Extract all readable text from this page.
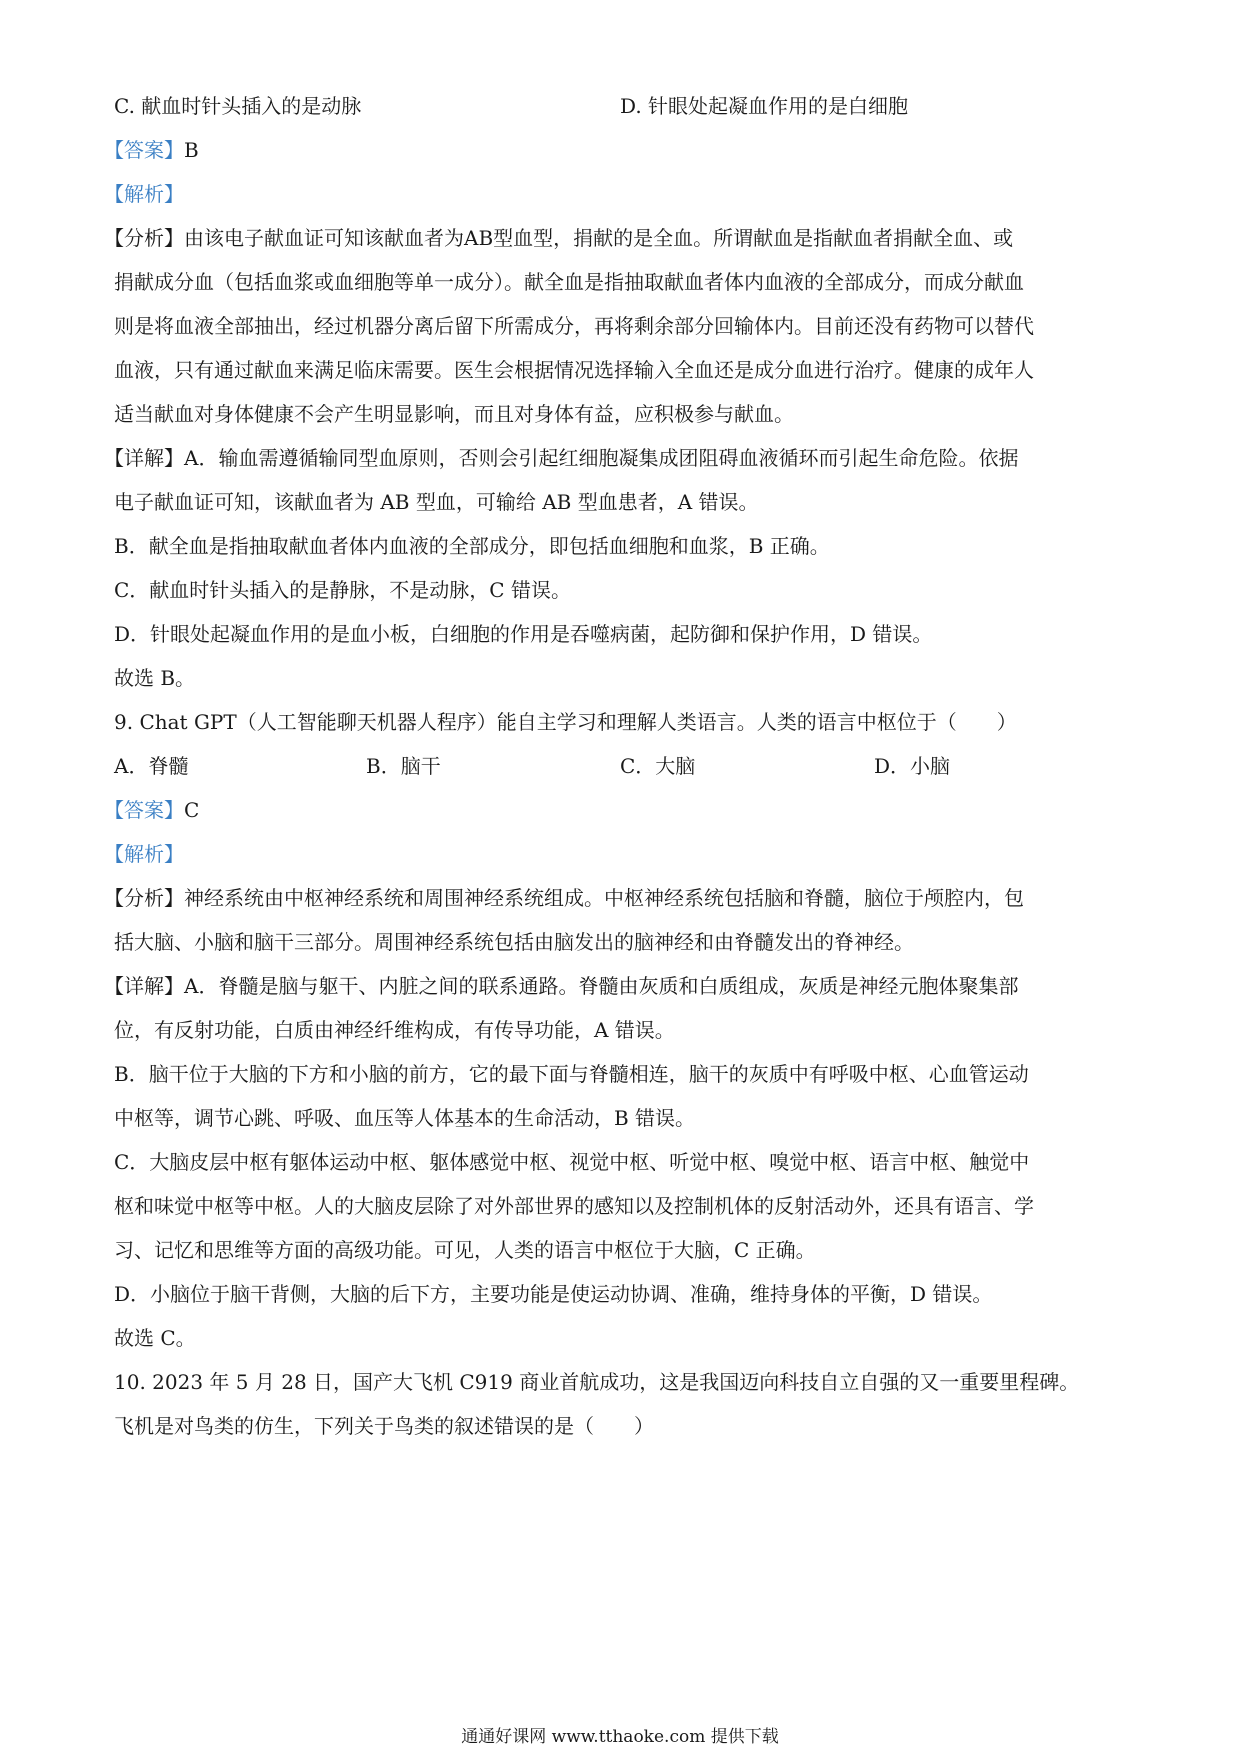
C. 献血时针头插入的是动脉	D. 针眼处起凝血作用的是白细胞
【答案】B
【解析】
【分析】由该电子献血证可知该献血者为AB型血型，捐献的是全血。所谓献血是指献血者捐献全血、或
捐献成分血（包括血浆或血细胞等单一成分）。献全血是指抽取献血者体内血液的全部成分，而成分献血
则是将血液全部抽出，经过机器分离后留下所需成分，再将剩余部分回输体内。目前还没有药物可以替代
血液，只有通过献血来满足临床需要。医生会根据情况选择输入全血还是成分血进行治疗。健康的成年人
适当献血对身体健康不会产生明显影响，而且对身体有益，应积极参与献血。
【详解】A．输血需遵循输同型血原则，否则会引起红细胞凝集成团阻碍血液循环而引起生命危险。依据
电子献血证可知，该献血者为 AB 型血，可输给 AB 型血患者，A 错误。
B．献全血是指抽取献血者体内血液的全部成分，即包括血细胞和血浆，B 正确。
C．献血时针头插入的是静脉，不是动脉，C 错误。
D．针眼处起凝血作用的是血小板，白细胞的作用是吞噬病菌，起防御和保护作用，D 错误。
故选 B。
9. Chat GPT（人工智能聊天机器人程序）能自主学习和理解人类语言。人类的语言中枢位于（　　）
A．脊髓	B．脑干	C．大脑	D．小脑
【答案】C
【解析】
【分析】神经系统由中枢神经系统和周围神经系统组成。中枢神经系统包括脑和脊髓，脑位于颅腔内，包
括大脑、小脑和脑干三部分。周围神经系统包括由脑发出的脑神经和由脊髓发出的脊神经。
【详解】A．脊髓是脑与躯干、内脏之间的联系通路。脊髓由灰质和白质组成，灰质是神经元胞体聚集部
位，有反射功能，白质由神经纤维构成，有传导功能，A 错误。
B．脑干位于大脑的下方和小脑的前方，它的最下面与脊髓相连，脑干的灰质中有呼吸中枢、心血管运动
中枢等，调节心跳、呼吸、血压等人体基本的生命活动，B 错误。
C．大脑皮层中枢有躯体运动中枢、躯体感觉中枢、视觉中枢、听觉中枢、嗅觉中枢、语言中枢、触觉中
枢和味觉中枢等中枢。人的大脑皮层除了对外部世界的感知以及控制机体的反射活动外，还具有语言、学
习、记忆和思维等方面的高级功能。可见，人类的语言中枢位于大脑，C 正确。
D．小脑位于脑干背侧，大脑的后下方，主要功能是使运动协调、准确，维持身体的平衡，D 错误。
故选 C。
10. 2023 年 5 月 28 日，国产大飞机 C919 商业首航成功，这是我国迈向科技自立自强的又一重要里程碑。
飞机是对鸟类的仿生，下列关于鸟类的叙述错误的是（　　）
通通好课网 www.tthaoke.com 提供下载
